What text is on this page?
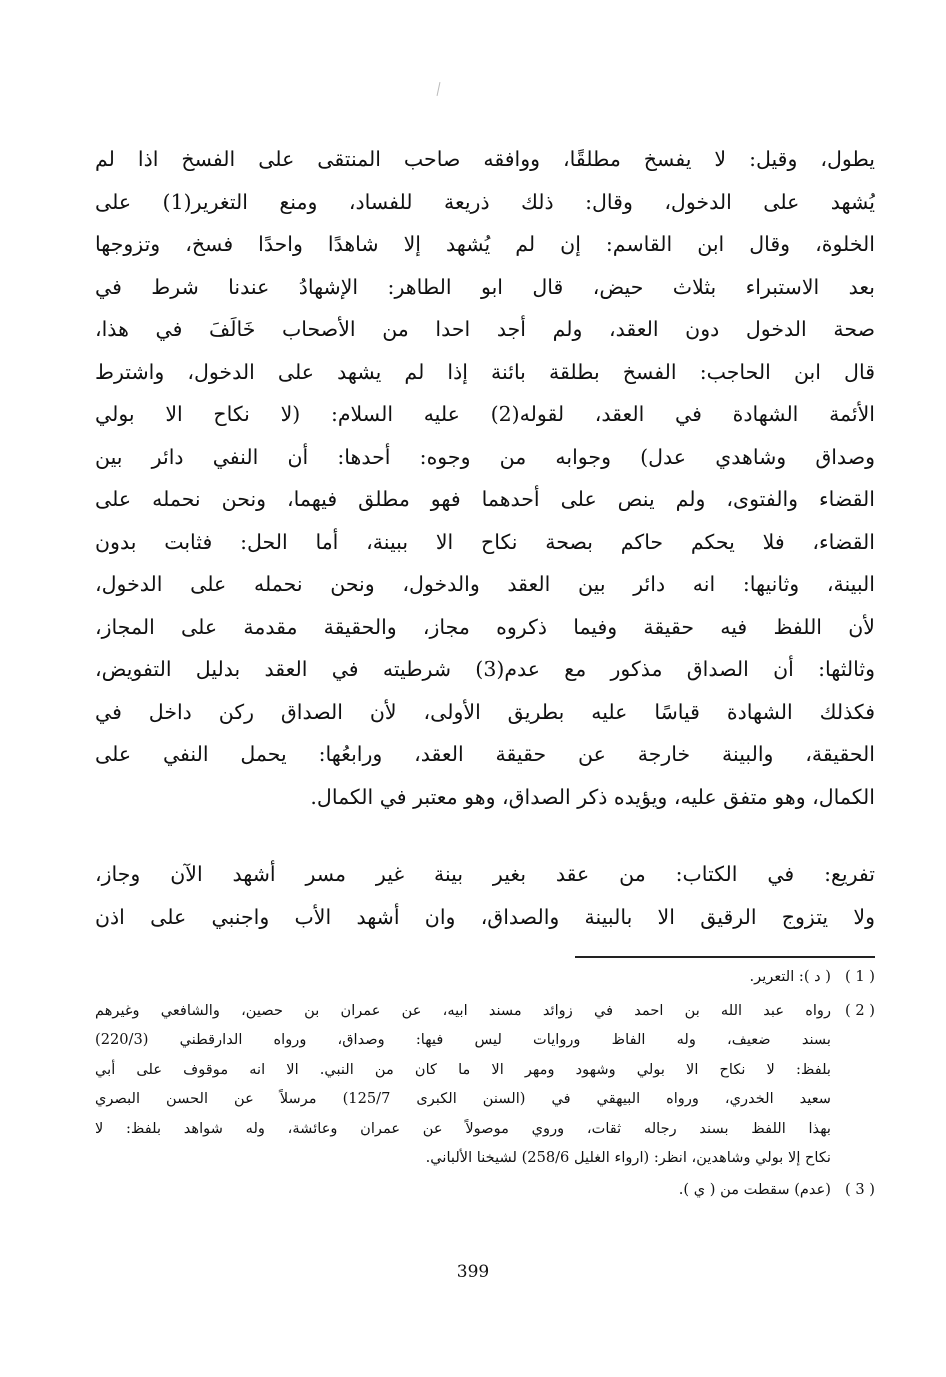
يطول، وقيل: لا يفسخ مطلقًا، ووافقه صاحب المنتقى على الفسخ اذا لم
يُشهد على الدخول، وقال: ذلك ذريعة للفساد، ومنع التغرير(1) على
الخلوة، وقال ابن القاسم: إن لم يُشهد إلا شاهدًا واحدًا فسخ، وتزوجها
بعد الاستبراء بثلاث حيض، قال ابو الطاهر: الإشهادُ عندنا شرط في
صحة الدخول دون العقد، ولم أجد احدا من الأصحاب خَالَفَ في هذا،
قال ابن الحاجب: الفسخ بطلقة بائنة إذا لم يشهد على الدخول، واشترط
الأئمة الشهادة في العقد، لقوله(2) عليه السلام: (لا نكاح الا بولي
وصداق وشاهدي عدل) وجوابه من وجوه: أحدها: أن النفي دائر بين
القضاء والفتوى، ولم ينص على أحدهما فهو مطلق فيهما، ونحن نحمله على
القضاء، فلا يحكم حاكم بصحة نكاح الا ببينة، أما الحل: فثابت بدون
البينة، وثانيها: انه دائر بين العقد والدخول، ونحن نحمله على الدخول،
لأن اللفظ فيه حقيقة وفيما ذكروه مجاز، والحقيقة مقدمة على المجاز،
وثالثها: أن الصداق مذكور مع عدم(3) شرطيته في العقد بدليل التفويض،
فكذلك الشهادة قياسًا عليه بطريق الأولى، لأن الصداق ركن داخل في
الحقيقة، والبينة خارجة عن حقيقة العقد، ورابعُها: يحمل النفي على
الكمال، وهو متفق عليه، ويؤيده ذكر الصداق، وهو معتبر في الكمال.
تفريع: في الكتاب: من عقد بغير بينة غير مسر أشهد الآن وجاز،
ولا يتزوج الرقيق الا بالبينة والصداق، وان أشهد الأب واجنبي على اذن
( 1 )
( د ): التعرير.
( 2 )
رواه عبد الله بن احمد في زوائد مسند ابيه، عن عمران بن حصين، والشافعي وغيرهم
بسند ضعيف، وله الفاظ وروايات ليس فيها: وصداق، ورواه الدارقطني (220/3)
بلفظ: لا نكاح الا بولي وشهود ومهر الا ما كان من النبي. الا انه موقوف على أبي
سعيد الخدري، ورواه البيهقي في (السنن الكبرى 125/7) مرسلاً عن الحسن البصري
بهذا اللفظ بسند رجاله ثقات، وروي موصولاً عن عمران وعائشة، وله شواهد بلفظ: لا
نكاح إلا بولي وشاهدين، انظر: (ارواء الغليل 258/6) لشيخنا الألباني.
( 3 )
(عدم) سقطت من ( ي ).
399
